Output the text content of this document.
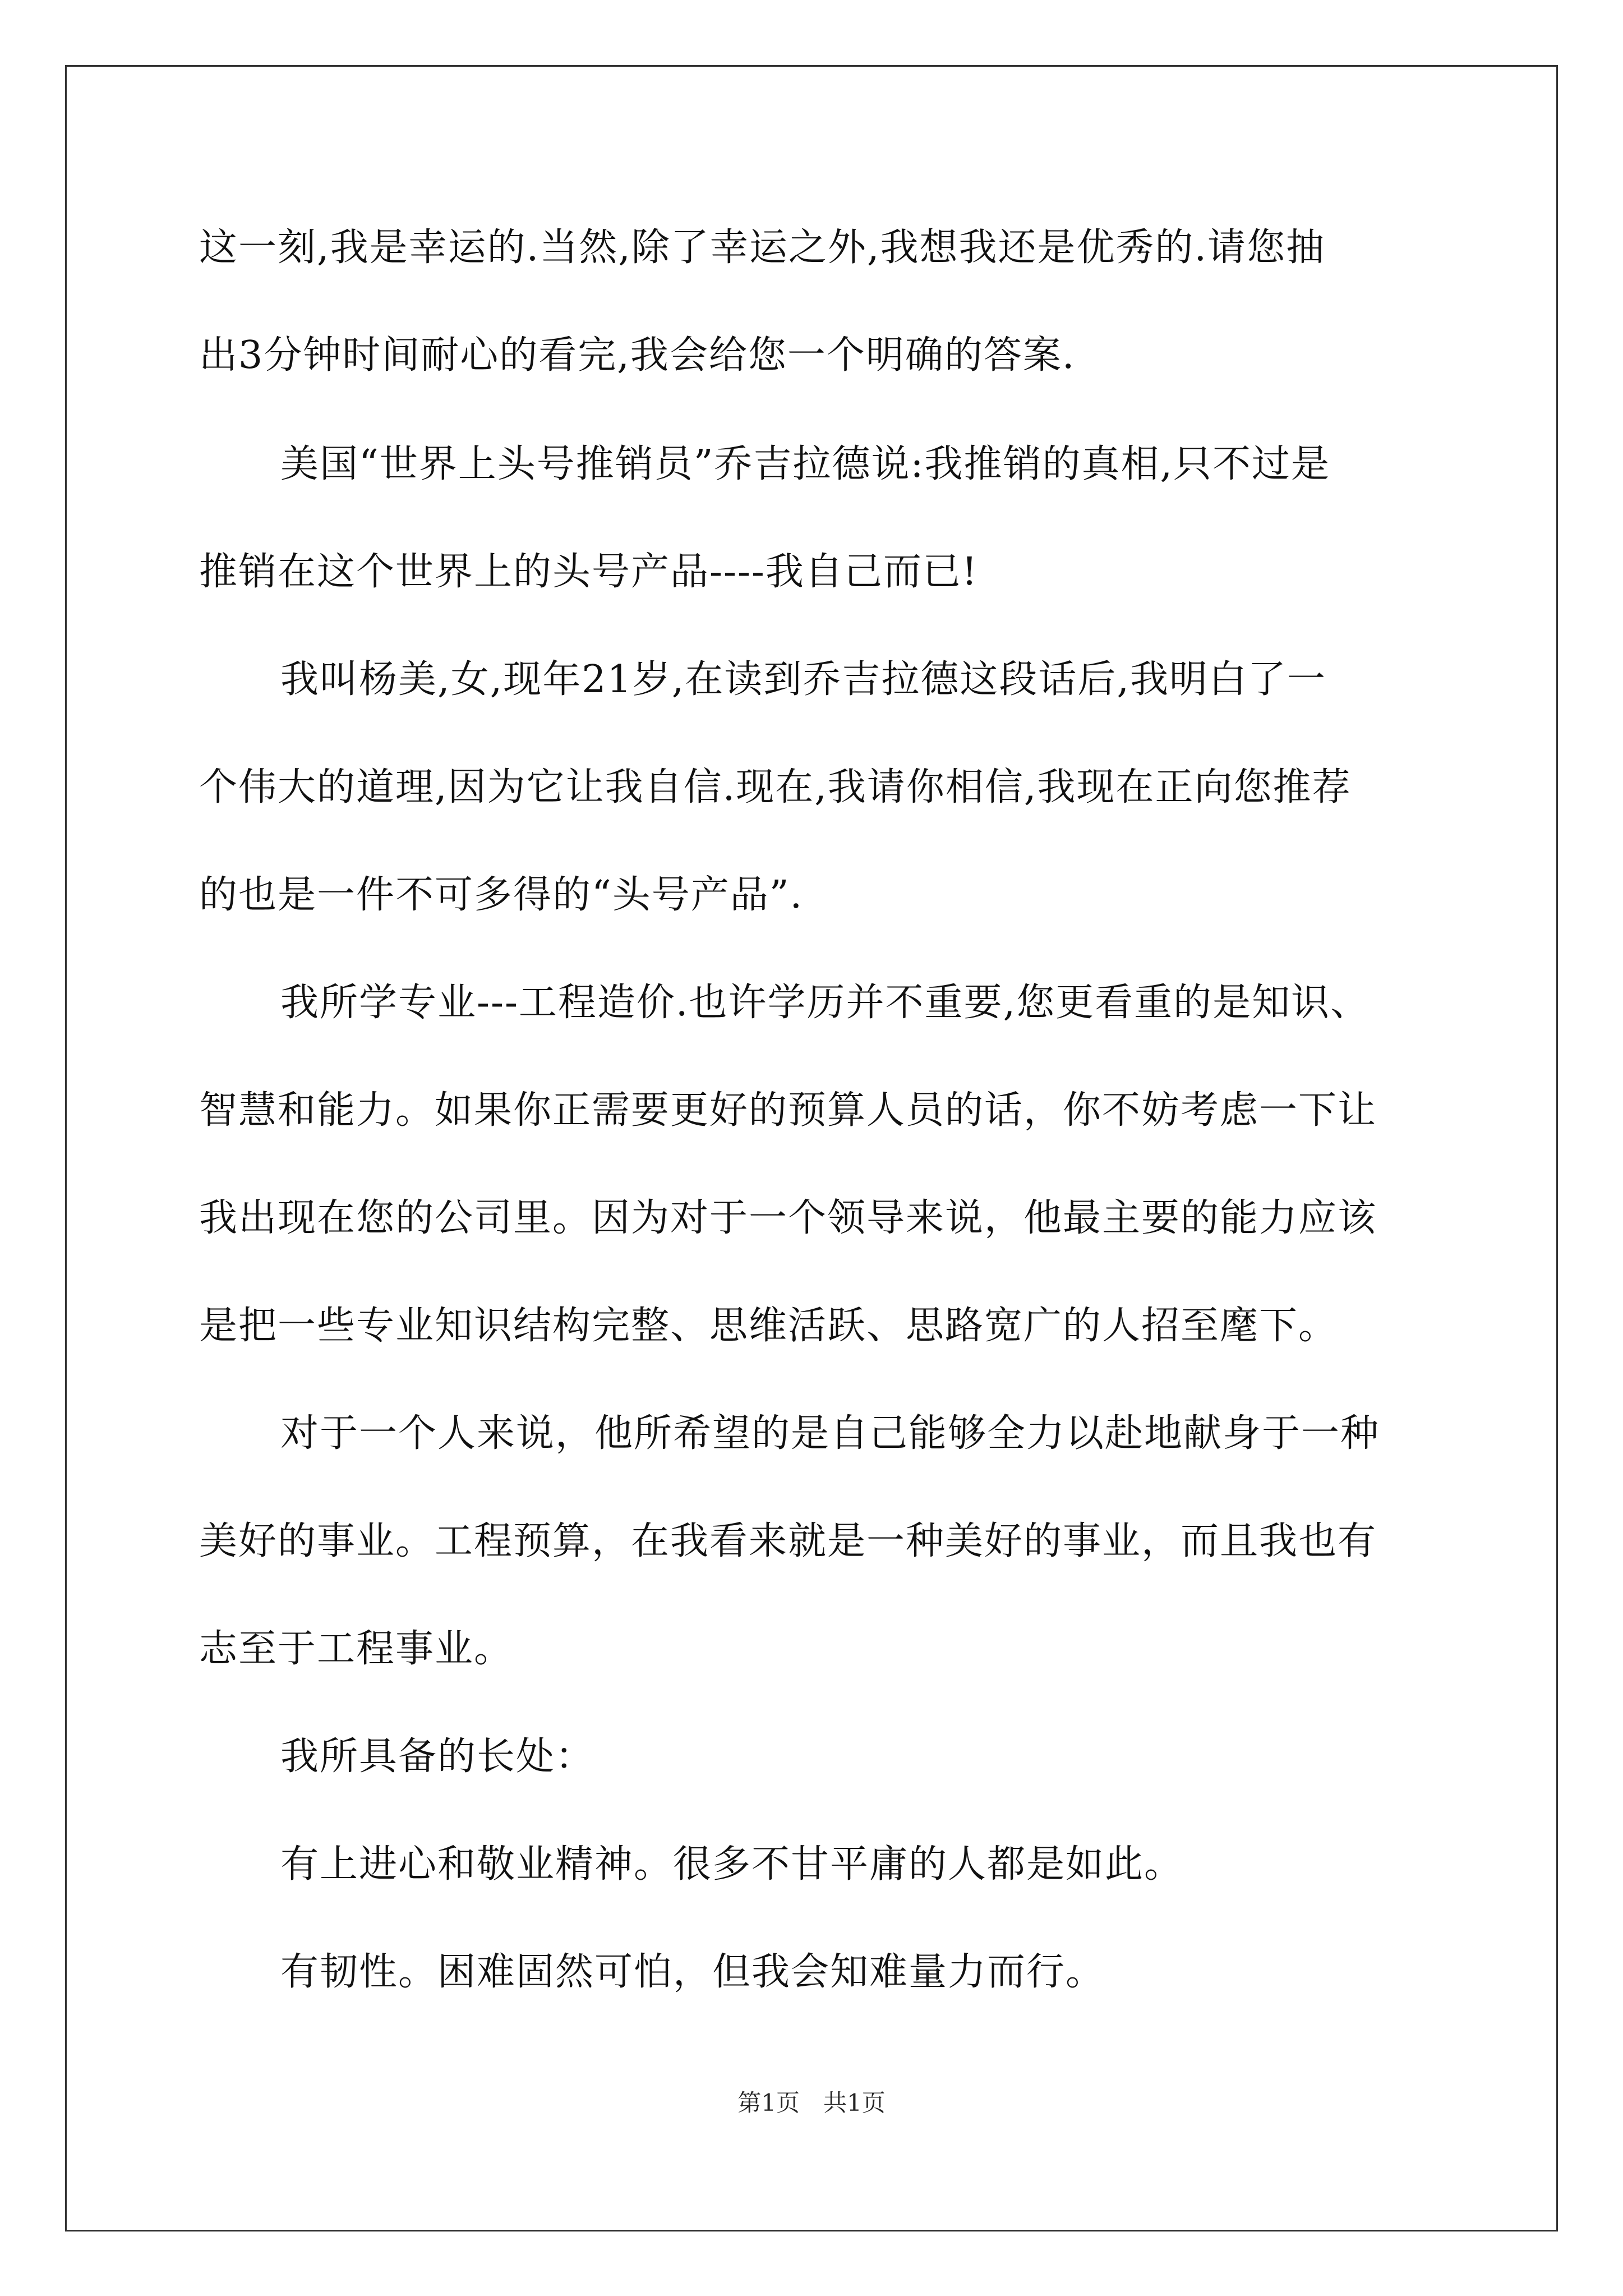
这一刻,我是幸运的.当然,除了幸运之外,我想我还是优秀的.请您抽
出3分钟时间耐心的看完,我会给您一个明确的答案.
美国“世界上头号推销员”乔吉拉德说:我推销的真相,只不过是
推销在这个世界上的头号产品----我自己而已!
我叫杨美,女,现年21岁,在读到乔吉拉德这段话后,我明白了一
个伟大的道理,因为它让我自信.现在,我请你相信,我现在正向您推荐
的也是一件不可多得的“头号产品”.
我所学专业---工程造价.也许学历并不重要,您更看重的是知识、
智慧和能力。如果你正需要更好的预算人员的话，你不妨考虑一下让
我出现在您的公司里。因为对于一个领导来说，他最主要的能力应该
是把一些专业知识结构完整、思维活跃、思路宽广的人招至麾下。
对于一个人来说，他所希望的是自己能够全力以赴地献身于一种
美好的事业。工程预算，在我看来就是一种美好的事业，而且我也有
志至于工程事业。
我所具备的长处：
有上进心和敬业精神。很多不甘平庸的人都是如此。
有韧性。困难固然可怕，但我会知难量力而行。
第1页　共1页
